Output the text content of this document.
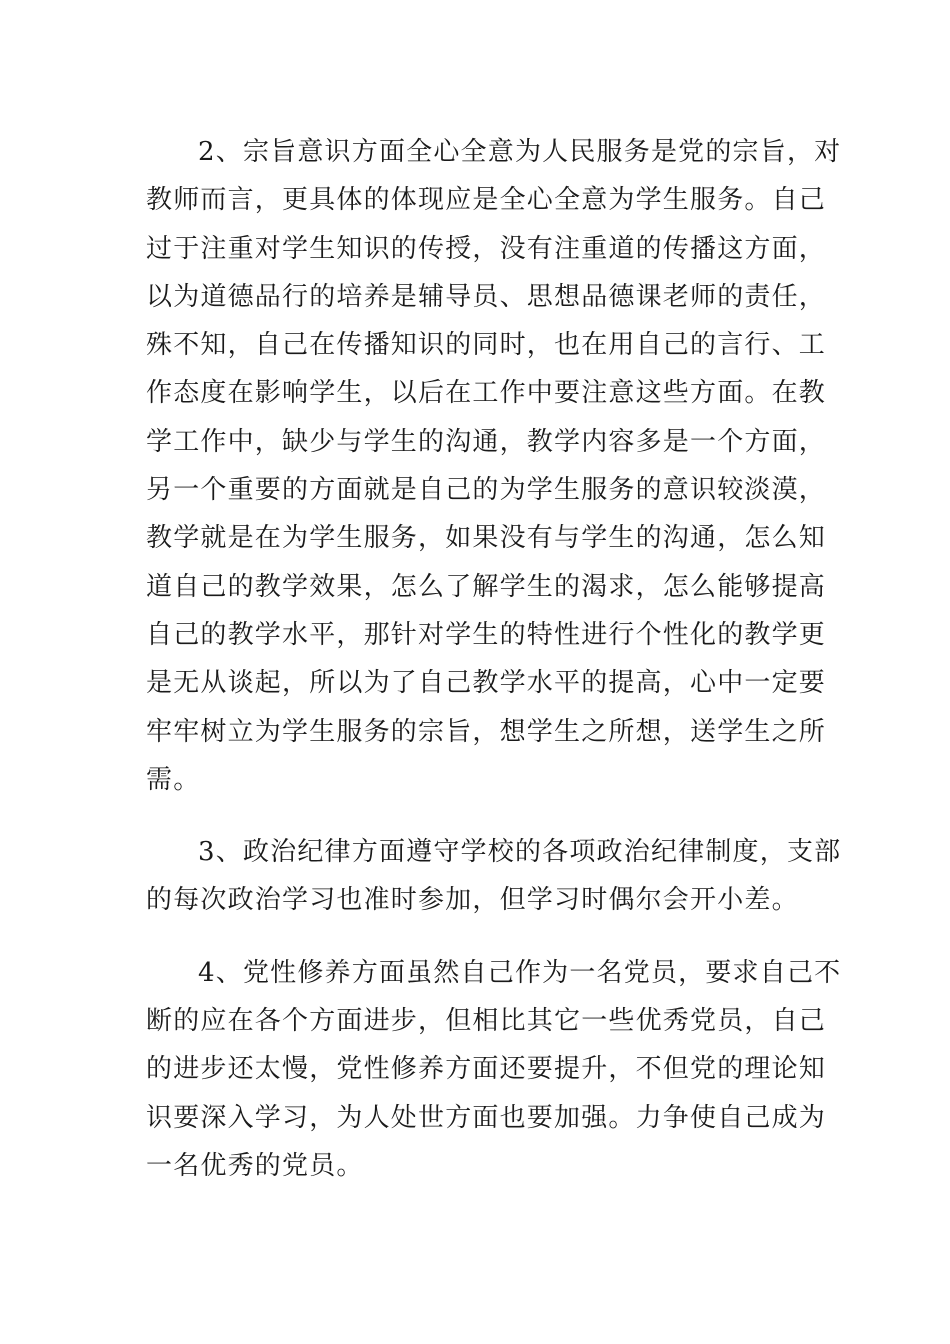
2、宗旨意识方面全心全意为人民服务是党的宗旨，对
教师而言，更具体的体现应是全心全意为学生服务。自己
过于注重对学生知识的传授，没有注重道的传播这方面，
以为道德品行的培养是辅导员、思想品德课老师的责任，
殊不知，自己在传播知识的同时，也在用自己的言行、工
作态度在影响学生，以后在工作中要注意这些方面。在教
学工作中，缺少与学生的沟通，教学内容多是一个方面，
另一个重要的方面就是自己的为学生服务的意识较淡漠，
教学就是在为学生服务，如果没有与学生的沟通，怎么知
道自己的教学效果，怎么了解学生的渴求，怎么能够提高
自己的教学水平，那针对学生的特性进行个性化的教学更
是无从谈起，所以为了自己教学水平的提高，心中一定要
牢牢树立为学生服务的宗旨，想学生之所想，送学生之所
需。

3、政治纪律方面遵守学校的各项政治纪律制度，支部
的每次政治学习也准时参加，但学习时偶尔会开小差。

4、党性修养方面虽然自己作为一名党员，要求自己不
断的应在各个方面进步，但相比其它一些优秀党员，自己
的进步还太慢，党性修养方面还要提升，不但党的理论知
识要深入学习，为人处世方面也要加强。力争使自己成为
一名优秀的党员。
